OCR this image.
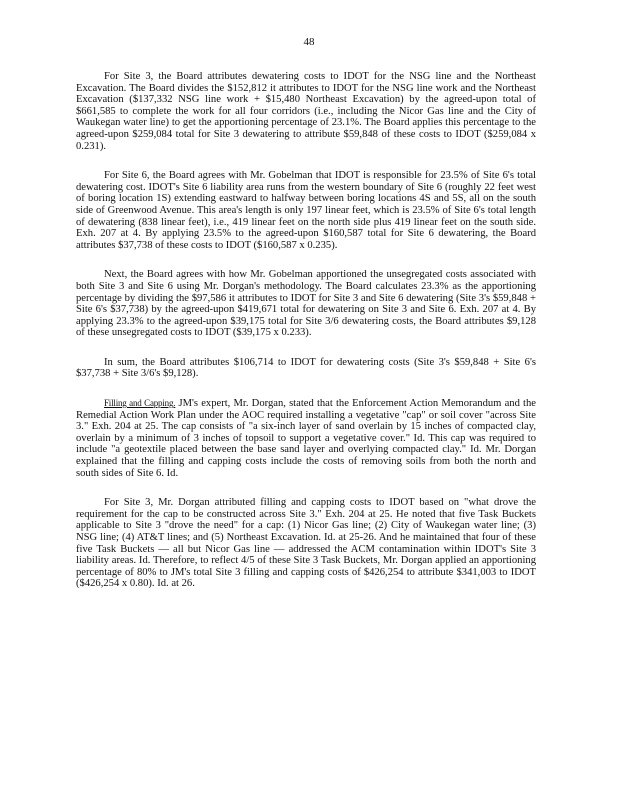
48

For Site 3, the Board attributes dewatering costs to IDOT for the NSG line and the Northeast Excavation. The Board divides the $152,812 it attributes to IDOT for the NSG line work and the Northeast Excavation ($137,332 NSG line work + $15,480 Northeast Excavation) by the agreed-upon total of $661,585 to complete the work for all four corridors (i.e., including the Nicor Gas line and the City of Waukegan water line) to get the apportioning percentage of 23.1%. The Board applies this percentage to the agreed-upon $259,084 total for Site 3 dewatering to attribute $59,848 of these costs to IDOT ($259,084 x 0.231).

For Site 6, the Board agrees with Mr. Gobelman that IDOT is responsible for 23.5% of Site 6's total dewatering cost. IDOT's Site 6 liability area runs from the western boundary of Site 6 (roughly 22 feet west of boring location 1S) extending eastward to halfway between boring locations 4S and 5S, all on the south side of Greenwood Avenue. This area's length is only 197 linear feet, which is 23.5% of Site 6's total length of dewatering (838 linear feet), i.e., 419 linear feet on the north side plus 419 linear feet on the south side. Exh. 207 at 4. By applying 23.5% to the agreed-upon $160,587 total for Site 6 dewatering, the Board attributes $37,738 of these costs to IDOT ($160,587 x 0.235).

Next, the Board agrees with how Mr. Gobelman apportioned the unsegregated costs associated with both Site 3 and Site 6 using Mr. Dorgan's methodology. The Board calculates 23.3% as the apportioning percentage by dividing the $97,586 it attributes to IDOT for Site 3 and Site 6 dewatering (Site 3's $59,848 + Site 6's $37,738) by the agreed-upon $419,671 total for dewatering on Site 3 and Site 6. Exh. 207 at 4. By applying 23.3% to the agreed-upon $39,175 total for Site 3/6 dewatering costs, the Board attributes $9,128 of these unsegregated costs to IDOT ($39,175 x 0.233).

In sum, the Board attributes $106,714 to IDOT for dewatering costs (Site 3's $59,848 + Site 6's $37,738 + Site 3/6's $9,128).

Filling and Capping. JM's expert, Mr. Dorgan, stated that the Enforcement Action Memorandum and the Remedial Action Work Plan under the AOC required installing a vegetative "cap" or soil cover "across Site 3." Exh. 204 at 25. The cap consists of "a six-inch layer of sand overlain by 15 inches of compacted clay, overlain by a minimum of 3 inches of topsoil to support a vegetative cover." Id. This cap was required to include "a geotextile placed between the base sand layer and overlying compacted clay." Id. Mr. Dorgan explained that the filling and capping costs include the costs of removing soils from both the north and south sides of Site 6. Id.

For Site 3, Mr. Dorgan attributed filling and capping costs to IDOT based on "what drove the requirement for the cap to be constructed across Site 3." Exh. 204 at 25. He noted that five Task Buckets applicable to Site 3 "drove the need" for a cap: (1) Nicor Gas line; (2) City of Waukegan water line; (3) NSG line; (4) AT&T lines; and (5) Northeast Excavation. Id. at 25-26. And he maintained that four of these five Task Buckets — all but Nicor Gas line — addressed the ACM contamination within IDOT's Site 3 liability areas. Id. Therefore, to reflect 4/5 of these Site 3 Task Buckets, Mr. Dorgan applied an apportioning percentage of 80% to JM's total Site 3 filling and capping costs of $426,254 to attribute $341,003 to IDOT ($426,254 x 0.80). Id. at 26.
